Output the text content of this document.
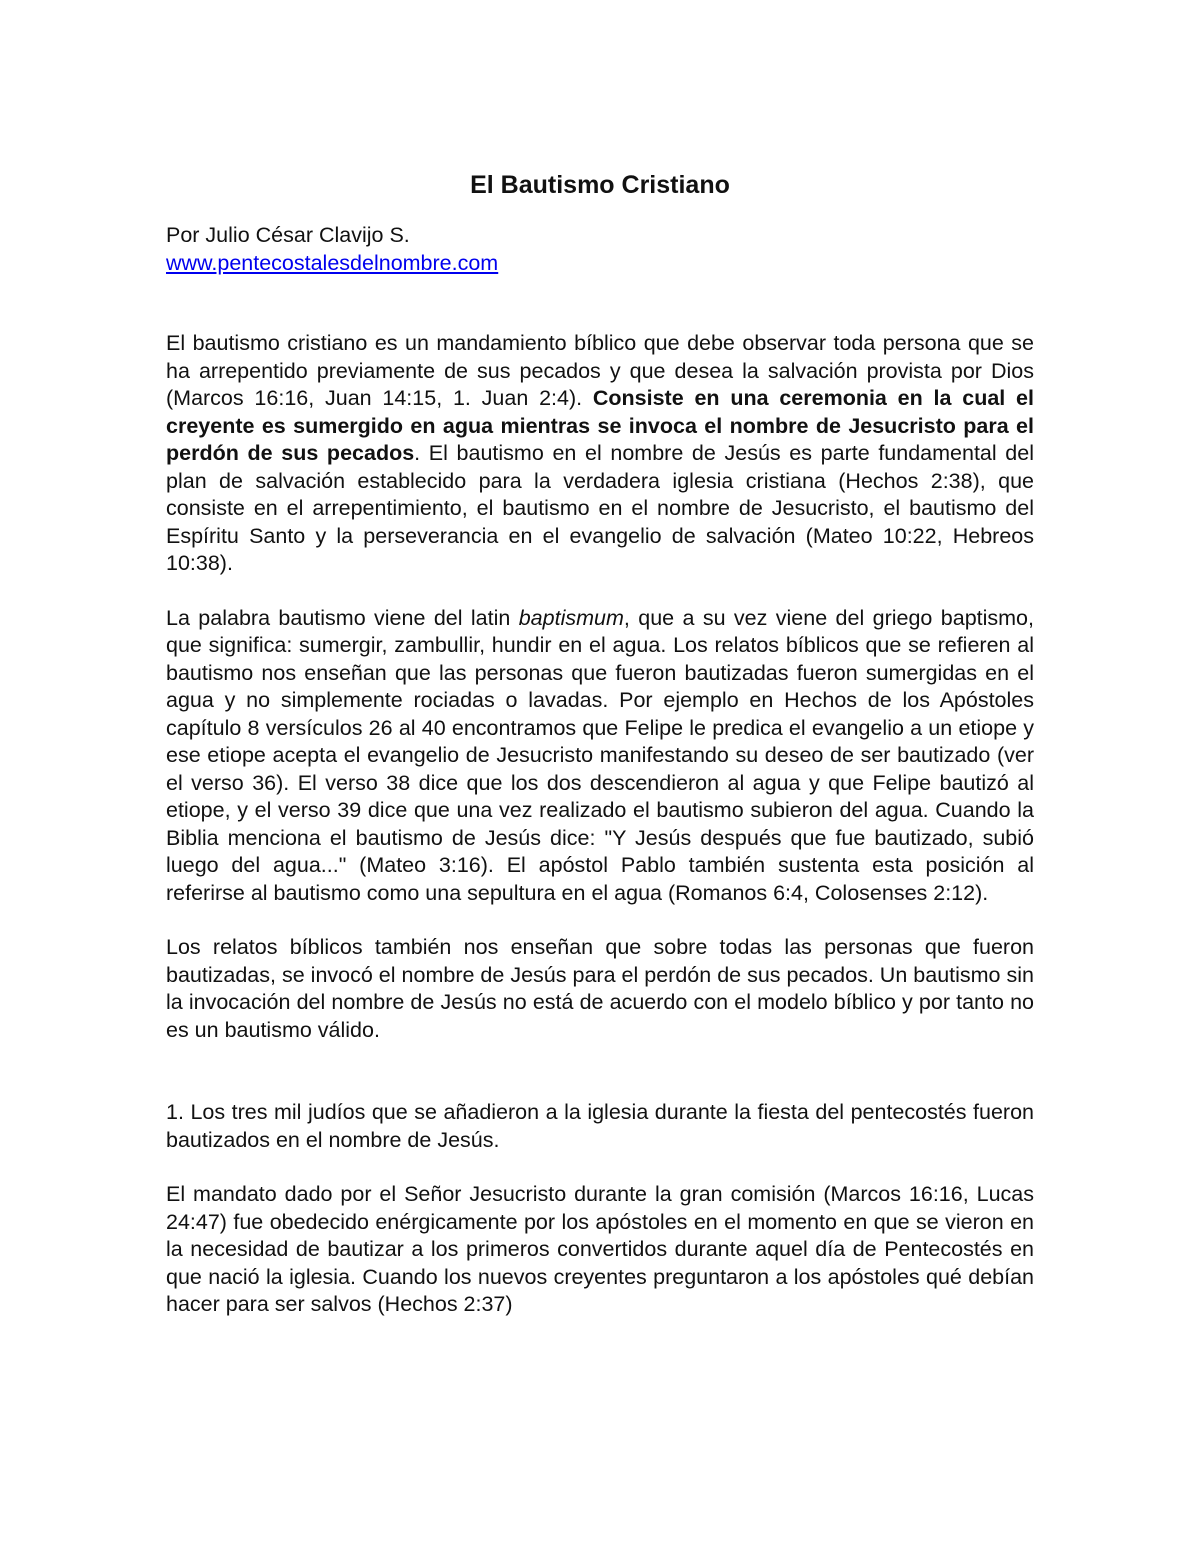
El Bautismo Cristiano

Por Julio César Clavijo S.

www.pentecostalesdelnombre.com

El bautismo cristiano es un mandamiento bíblico que debe observar toda persona que se ha arrepentido previamente de sus pecados y que desea la salvación provista por Dios (Marcos 16:16, Juan 14:15, 1. Juan 2:4). Consiste en una ceremonia en la cual el creyente es sumergido en agua mientras se invoca el nombre de Jesucristo para el perdón de sus pecados. El bautismo en el nombre de Jesús es parte fundamental del plan de salvación establecido para la verdadera iglesia cristiana (Hechos 2:38), que consiste en el arrepentimiento, el bautismo en el nombre de Jesucristo, el bautismo del Espíritu Santo y la perseverancia en el evangelio de salvación (Mateo 10:22, Hebreos 10:38).

La palabra bautismo viene del latin baptismum, que a su vez viene del griego baptismo, que significa: sumergir, zambullir, hundir en el agua. Los relatos bíblicos que se refieren al bautismo nos enseñan que las personas que fueron bautizadas fueron sumergidas en el agua y no simplemente rociadas o lavadas. Por ejemplo en Hechos de los Apóstoles capítulo 8 versículos 26 al 40 encontramos que Felipe le predica el evangelio a un etiope y ese etiope acepta el evangelio de Jesucristo manifestando su deseo de ser bautizado (ver el verso 36). El verso 38 dice que los dos descendieron al agua y que Felipe bautizó al etiope, y el verso 39 dice que una vez realizado el bautismo subieron del agua. Cuando la Biblia menciona el bautismo de Jesús dice: "Y Jesús después que fue bautizado, subió luego del agua..." (Mateo 3:16). El apóstol Pablo también sustenta esta posición al referirse al bautismo como una sepultura en el agua (Romanos 6:4, Colosenses 2:12).

Los relatos bíblicos también nos enseñan que sobre todas las personas que fueron bautizadas, se invocó el nombre de Jesús para el perdón de sus pecados. Un bautismo sin la invocación del nombre de Jesús no está de acuerdo con el modelo bíblico y por tanto no es un bautismo válido.

1. Los tres mil judíos que se añadieron a la iglesia durante la fiesta del pentecostés fueron bautizados en el nombre de Jesús.

El mandato dado por el Señor Jesucristo durante la gran comisión (Marcos 16:16, Lucas 24:47) fue obedecido enérgicamente por los apóstoles en el momento en que se vieron en la necesidad de bautizar a los primeros convertidos durante aquel día de Pentecostés en que nació la iglesia. Cuando los nuevos creyentes preguntaron a los apóstoles qué debían hacer para ser salvos (Hechos 2:37)
